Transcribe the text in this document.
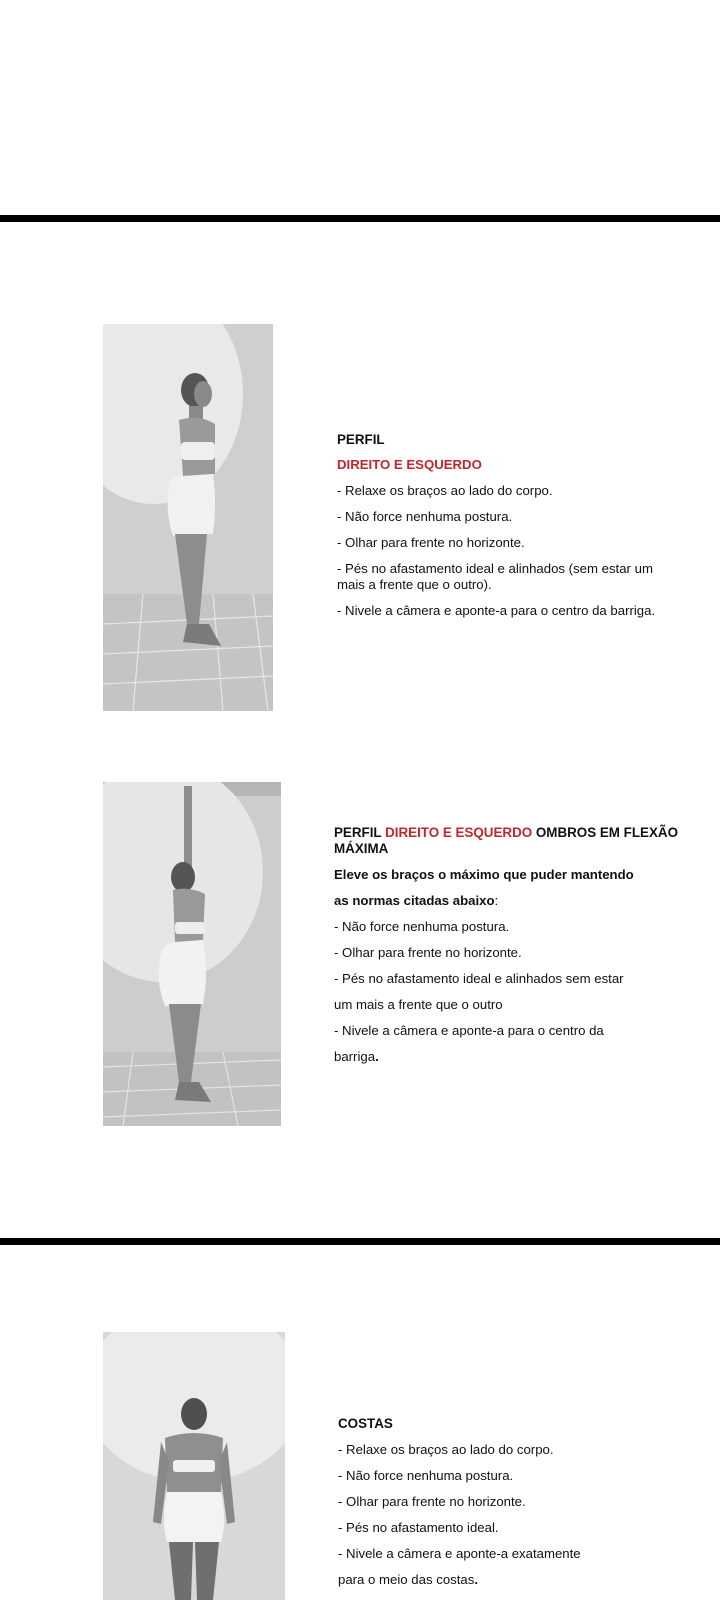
PERFIL

DIREITO E ESQUERDO

- Relaxe os braços ao lado do corpo.

- Não force nenhuma postura.

- Olhar para frente no horizonte.

- Pés no afastamento ideal e alinhados (sem estar um mais a frente que o outro).

- Nivele a câmera e aponte-a para o centro da barriga.

PERFIL DIREITO E ESQUERDO OMBROS EM FLEXÃO MÁXIMA

Eleve os braços o máximo que puder mantendo

as normas citadas abaixo:

- Não force nenhuma postura.

- Olhar para frente no horizonte.

- Pés no afastamento ideal e alinhados sem estar

um mais a frente que o outro

- Nivele a câmera e aponte-a para o centro da

barriga.

COSTAS

- Relaxe os braços ao lado do corpo.

- Não force nenhuma postura.

- Olhar para frente no horizonte.

- Pés no afastamento ideal.

- Nivele a câmera e aponte-a exatamente

para o meio das costas.
